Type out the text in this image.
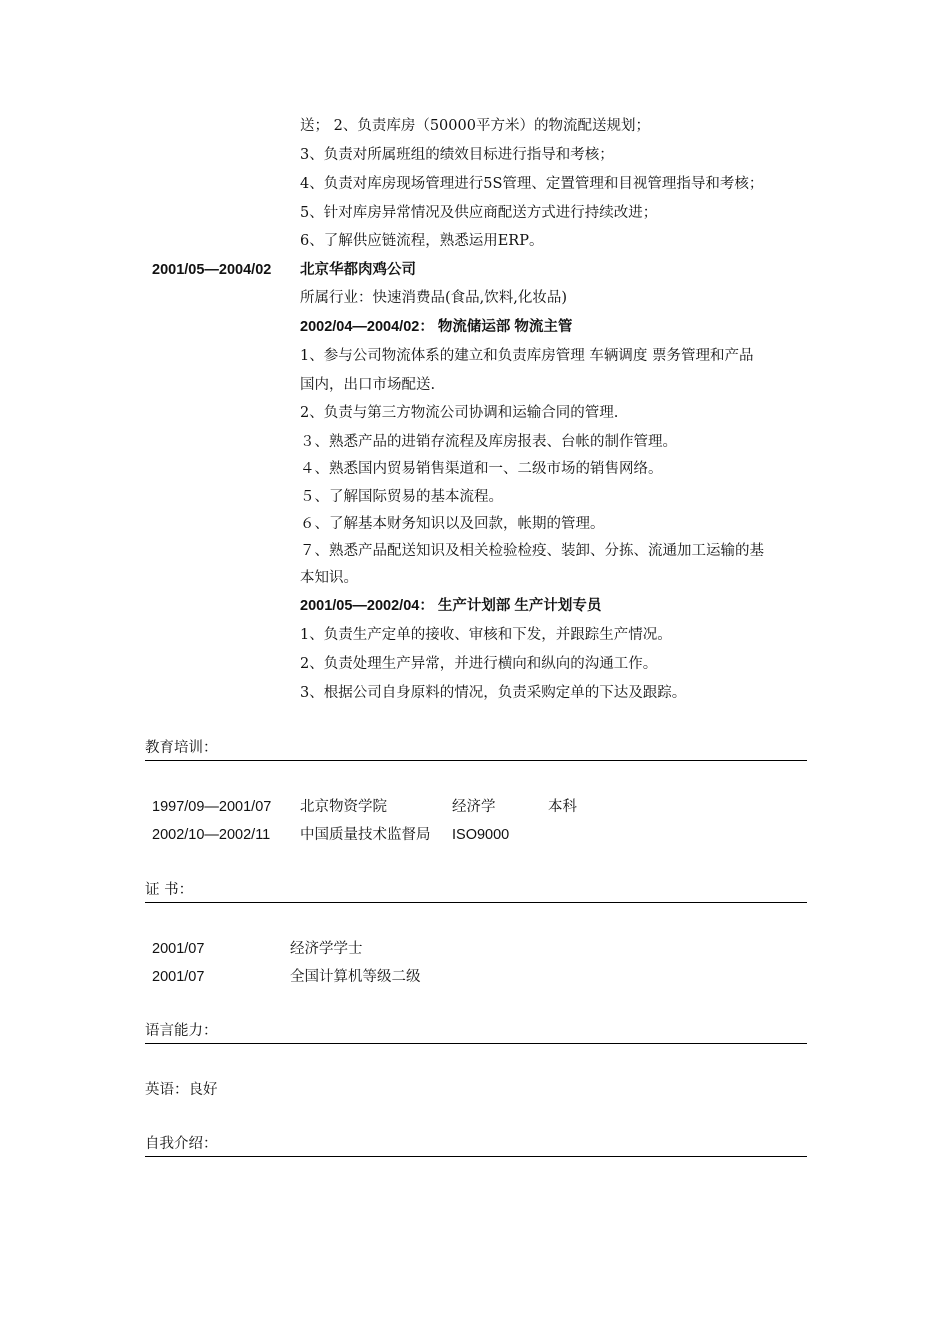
送； 2、负责库房（50000平方米）的物流配送规划；
3、负责对所属班组的绩效目标进行指导和考核；
4、负责对库房现场管理进行5S管理、定置管理和目视管理指导和考核；
5、针对库房异常情况及供应商配送方式进行持续改进；
6、了解供应链流程，熟悉运用ERP。
2001/05—2004/02 北京华都肉鸡公司
所属行业：快速消费品(食品,饮料,化妆品)
2002/04—2004/02： 物流储运部 物流主管
1、参与公司物流体系的建立和负责库房管理 车辆调度 票务管理和产品
国内，出口市场配送.
2、负责与第三方物流公司协调和运输合同的管理.
３、熟悉产品的进销存流程及库房报表、台帐的制作管理。
４、熟悉国内贸易销售渠道和一、二级市场的销售网络。
５、了解国际贸易的基本流程。
６、了解基本财务知识以及回款，帐期的管理。
７、熟悉产品配送知识及相关检验检疫、装卸、分拣、流通加工运输的基
本知识。
2001/05—2002/04： 生产计划部 生产计划专员
1、负责生产定单的接收、审核和下发，并跟踪生产情况。
2、负责处理生产异常，并进行横向和纵向的沟通工作。
3、根据公司自身原料的情况，负责采购定单的下达及跟踪。
教育培训：
1997/09—2001/07 北京物资学院	经济学	本科
2002/10—2002/11 中国质量技术监督局 ISO9000
证 书：
2001/07	经济学学士
2001/07	全国计算机等级二级
语言能力：
英语：良好
自我介绍：
